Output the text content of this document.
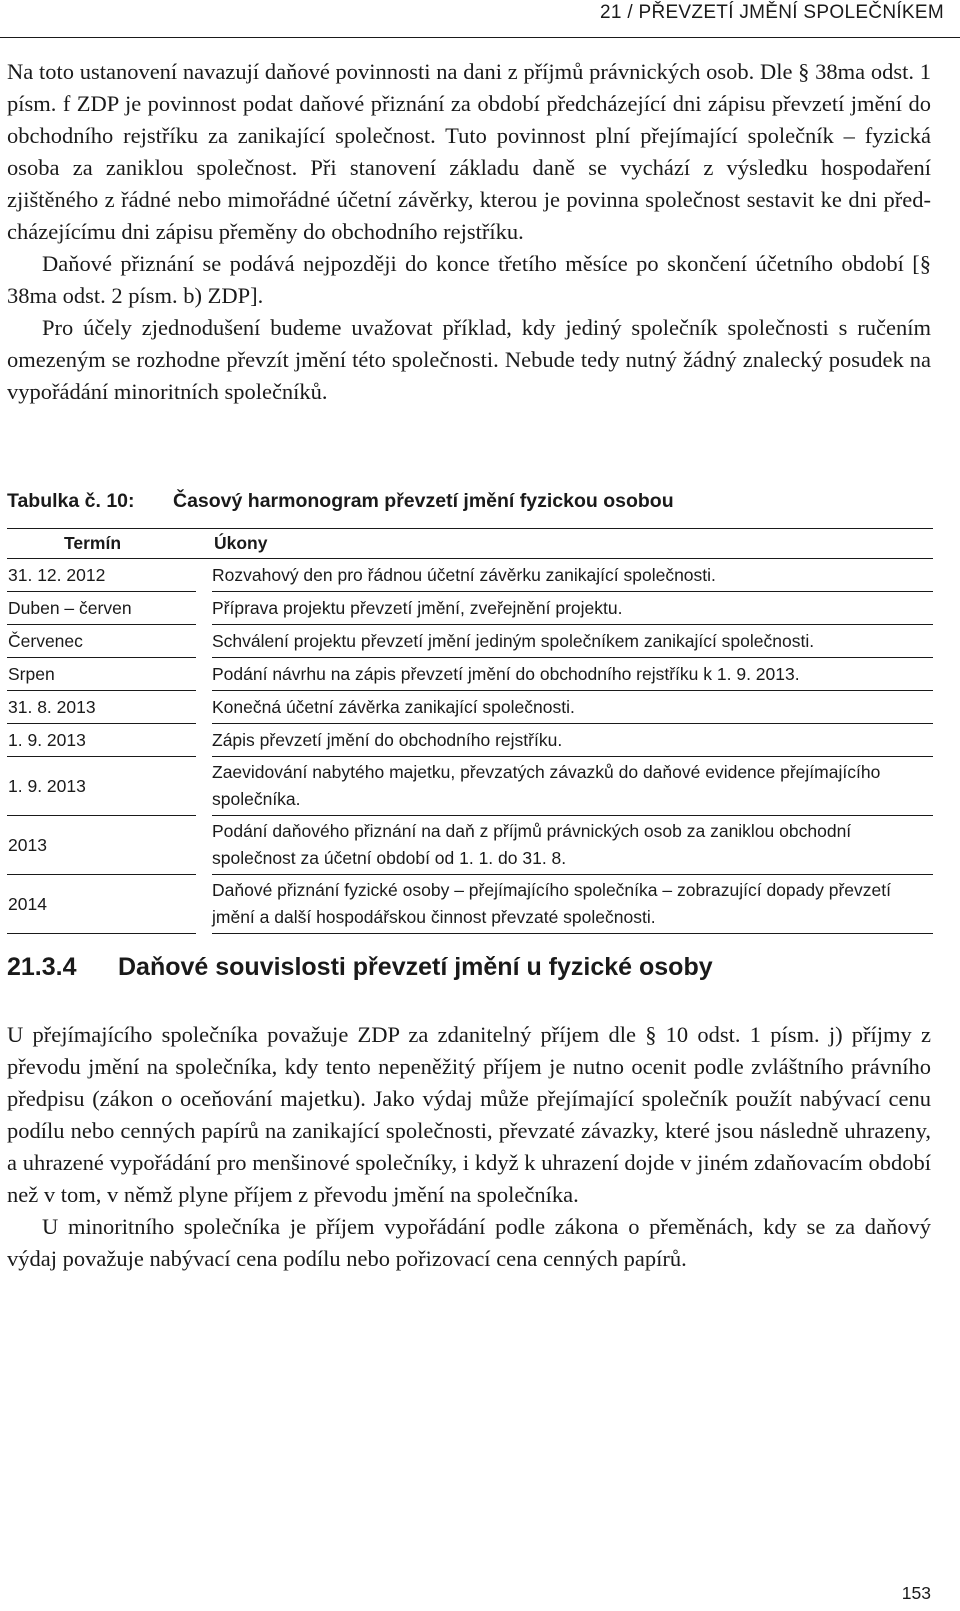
21 / PŘEVZETÍ JMĚNÍ SPOLEČNÍKEM

Na toto ustanovení navazují daňové povinnosti na dani z příjmů právnických osob. Dle § 38ma odst. 1 písm. f ZDP je povinnost podat daňové přiznání za období předcházející dni zápisu převzetí jmění do obchodního rejstříku za zanikající společnost. Tuto povinnost plní přejímající společník – fyzická osoba za zaniklou společnost. Při stanovení základu daně se vychází z výsledku hospodaření zjištěného z řádné nebo mimořádné účetní závěrky, kterou je povinna společnost sestavit ke dni předcházejícímu dni zápisu přeměny do obchodního rejstříku.

Daňové přiznání se podává nejpozději do konce třetího měsíce po skončení účetního období [§ 38ma odst. 2 písm. b) ZDP].

Pro účely zjednodušení budeme uvažovat příklad, kdy jediný společník společnosti s ručením omezeným se rozhodne převzít jmění této společnosti. Nebude tedy nutný žádný znalecký posudek na vypořádání minoritních společníků.

Tabulka č. 10: Časový harmonogram převzetí jmění fyzickou osobou
Termín		Úkony
31. 12. 2012		Rozvahový den pro řádnou účetní závěrku zanikající společnosti.
Duben – červen		Příprava projektu převzetí jmění, zveřejnění projektu.
Červenec		Schválení projektu převzetí jmění jediným společníkem zanikající společnosti.
Srpen		Podání návrhu na zápis převzetí jmění do obchodního rejstříku k 1. 9. 2013.
31. 8. 2013		Konečná účetní závěrka zanikající společnosti.
1. 9. 2013		Zápis převzetí jmění do obchodního rejstříku.
1. 9. 2013		Zaevidování nabytého majetku, převzatých závazků do daňové evidence přejímajícího společníka.
2013		Podání daňového přiznání na daň z příjmů právnických osob za zaniklou obchodní společnost za účetní období od 1. 1. do 31. 8.
2014		Daňové přiznání fyzické osoby – přejímajícího společníka – zobrazující dopady převzetí jmění a další hospodářskou činnost převzaté společnosti.
21.3.4 Daňové souvislosti převzetí jmění u fyzické osoby

U přejímajícího společníka považuje ZDP za zdanitelný příjem dle § 10 odst. 1 písm. j) příjmy z převodu jmění na společníka, kdy tento nepeněžitý příjem je nutno ocenit podle zvláštního právního předpisu (zákon o oceňování majetku). Jako výdaj může přejímající společník použít nabývací cenu podílu nebo cenných papírů na zanikající společnosti, převzaté závazky, které jsou následně uhrazeny, a uhrazené vypořádání pro menšinové společníky, i když k uhrazení dojde v jiném zdaňovacím období než v tom, v němž plyne příjem z převodu jmění na společníka.

U minoritního společníka je příjem vypořádání podle zákona o přeměnách, kdy se za daňový výdaj považuje nabývací cena podílu nebo pořizovací cena cenných papírů.

153
